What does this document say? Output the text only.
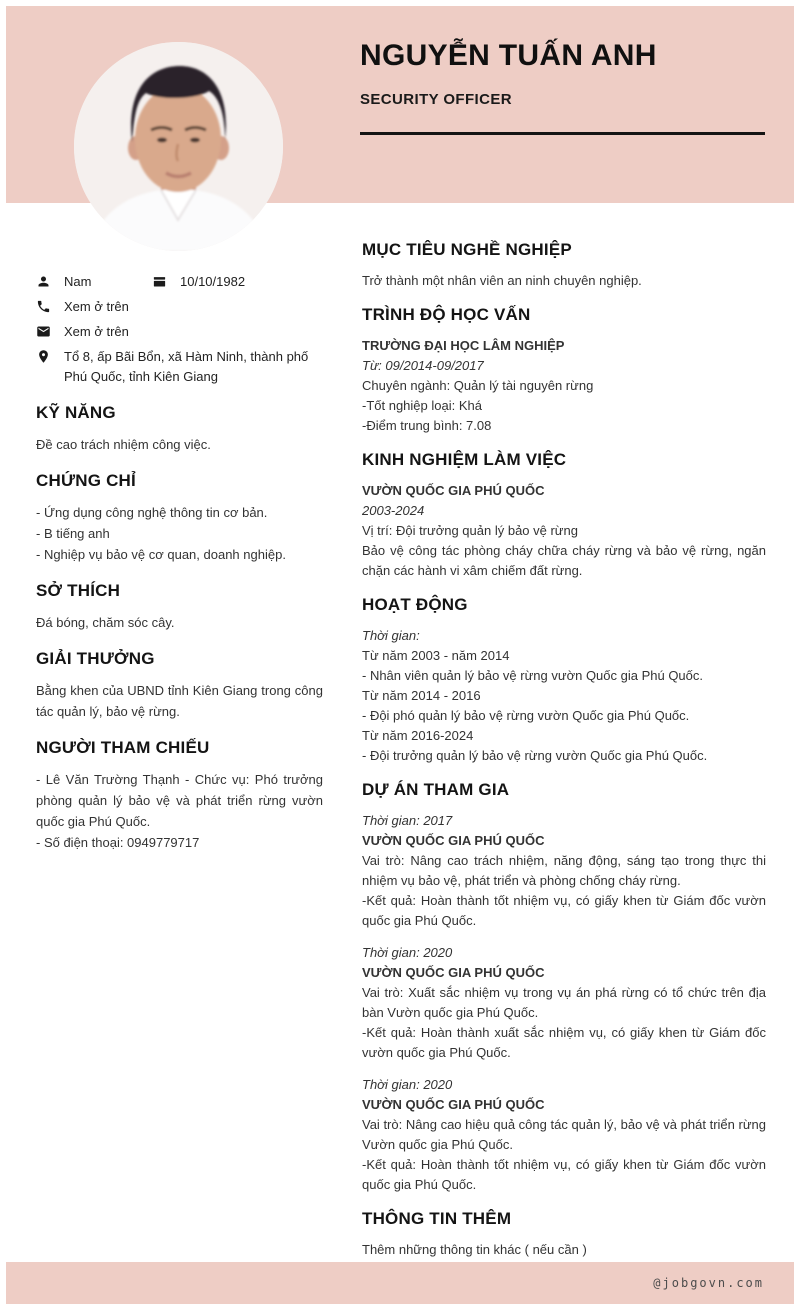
NGUYỄN TUẤN ANH
SECURITY OFFICER
Nam	10/10/1982
Xem ở trên
Xem ở trên
Tổ 8, ấp Bãi Bổn, xã Hàm Ninh, thành phố Phú Quốc, tỉnh Kiên Giang
KỸ NĂNG

Đề cao trách nhiệm công việc.

CHỨNG CHỈ

- Ứng dụng công nghệ thông tin cơ bản.

- B tiếng anh

- Nghiệp vụ bảo vệ cơ quan, doanh nghiệp.

SỞ THÍCH

Đá bóng, chăm sóc cây.

GIẢI THƯỞNG

Bằng khen của UBND tỉnh Kiên Giang trong công tác quản lý, bảo vệ rừng.

NGƯỜI THAM CHIẾU

- Lê Văn Trường Thạnh - Chức vụ: Phó trưởng phòng quản lý bảo vệ và phát triển rừng vườn quốc gia Phú Quốc.

- Số điện thoại: 0949779717

MỤC TIÊU NGHỀ NGHIỆP

Trở thành một nhân viên an ninh chuyên nghiệp.

TRÌNH ĐỘ HỌC VẤN

TRƯỜNG ĐẠI HỌC LÂM NGHIỆP

Từ: 09/2014-09/2017

Chuyên ngành: Quản lý tài nguyên rừng

-Tốt nghiệp loại: Khá

-Điểm trung bình: 7.08

KINH NGHIỆM LÀM VIỆC

VƯỜN QUỐC GIA PHÚ QUỐC

2003-2024

Vị trí: Đội trưởng quản lý bảo vệ rừng

Bảo vệ công tác phòng cháy chữa cháy rừng và bảo vệ rừng, ngăn chặn các hành vi xâm chiếm đất rừng.

HOẠT ĐỘNG

Thời gian:

Từ năm 2003 - năm 2014

- Nhân viên quản lý bảo vệ rừng vườn Quốc gia Phú Quốc.

Từ năm 2014 - 2016

- Đội phó quản lý bảo vệ rừng vườn Quốc gia Phú Quốc.

Từ năm 2016-2024

- Đội trưởng quản lý bảo vệ rừng vườn Quốc gia Phú Quốc.

DỰ ÁN THAM GIA

Thời gian: 2017

VƯỜN QUỐC GIA PHÚ QUỐC

Vai trò: Nâng cao trách nhiệm, năng động, sáng tạo trong thực thi nhiệm vụ bảo vệ, phát triển và phòng chống cháy rừng.

-Kết quả: Hoàn thành tốt nhiệm vụ, có giấy khen từ Giám đốc vườn quốc gia Phú Quốc.

Thời gian: 2020

VƯỜN QUỐC GIA PHÚ QUỐC

Vai trò: Xuất sắc nhiệm vụ trong vụ án phá rừng có tổ chức trên địa bàn Vườn quốc gia Phú Quốc.

-Kết quả: Hoàn thành xuất sắc nhiệm vụ, có giấy khen từ Giám đốc vườn quốc gia Phú Quốc.

Thời gian: 2020

VƯỜN QUỐC GIA PHÚ QUỐC

Vai trò: Nâng cao hiệu quả công tác quản lý, bảo vệ và phát triển rừng Vườn quốc gia Phú Quốc.

-Kết quả: Hoàn thành tốt nhiệm vụ, có giấy khen từ Giám đốc vườn quốc gia Phú Quốc.

THÔNG TIN THÊM

Thêm những thông tin khác ( nếu cần )

@jobgovn.com
